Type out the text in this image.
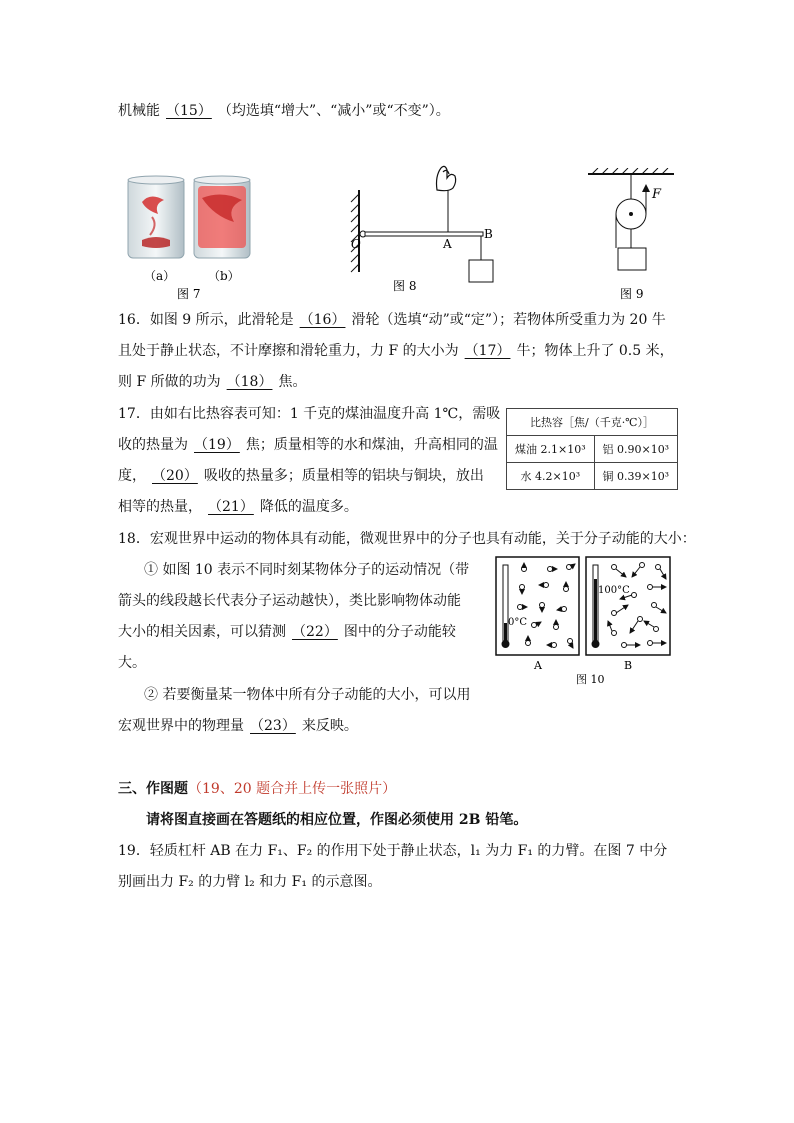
机械能 （15） （均选填“增大”、“减小”或“不变”）。
（a）	（b）
图 7
O	A
B
图 8
F
图 9
16．如图 9 所示，此滑轮是 （16） 滑轮（选填“动”或“定”）；若物体所受重力为 20 牛
且处于静止状态，不计摩擦和滑轮重力，力 F 的大小为 （17） 牛；物体上升了 0.5 米，
则 F 所做的功为 （18） 焦。
17．由如右比热容表可知：1 千克的煤油温度升高 1℃，需吸
收的热量为 （19） 焦；质量相等的水和煤油，升高相同的温
度， （20） 吸收的热量多；质量相等的铝块与铜块，放出
相等的热量， （21） 降低的温度多。
比热容［焦/（千克·℃）］	
煤油 2.1×10³	铝 0.90×10³
水 4.2×10³	铜 0.39×10³
18．宏观世界中运动的物体具有动能，微观世界中的分子也具有动能，关于分子动能的大小：
① 如图 10 表示不同时刻某物体分子的运动情况（带
箭头的线段越长代表分子运动越快），类比影响物体动能
大小的相关因素，可以猜测 （22） 图中的分子动能较
大。
② 若要衡量某一物体中所有分子动能的大小，可以用
宏观世界中的物理量 （23） 来反映。
0°C
A
100°C
B
图 10
三、作图题（19、20 题合并上传一张照片）
请将图直接画在答题纸的相应位置，作图必须使用 2B 铅笔。
19．轻质杠杆 AB 在力 F₁、F₂ 的作用下处于静止状态，l₁ 为力 F₁ 的力臂。在图 7 中分
别画出力 F₂ 的力臂 l₂ 和力 F₁ 的示意图。
